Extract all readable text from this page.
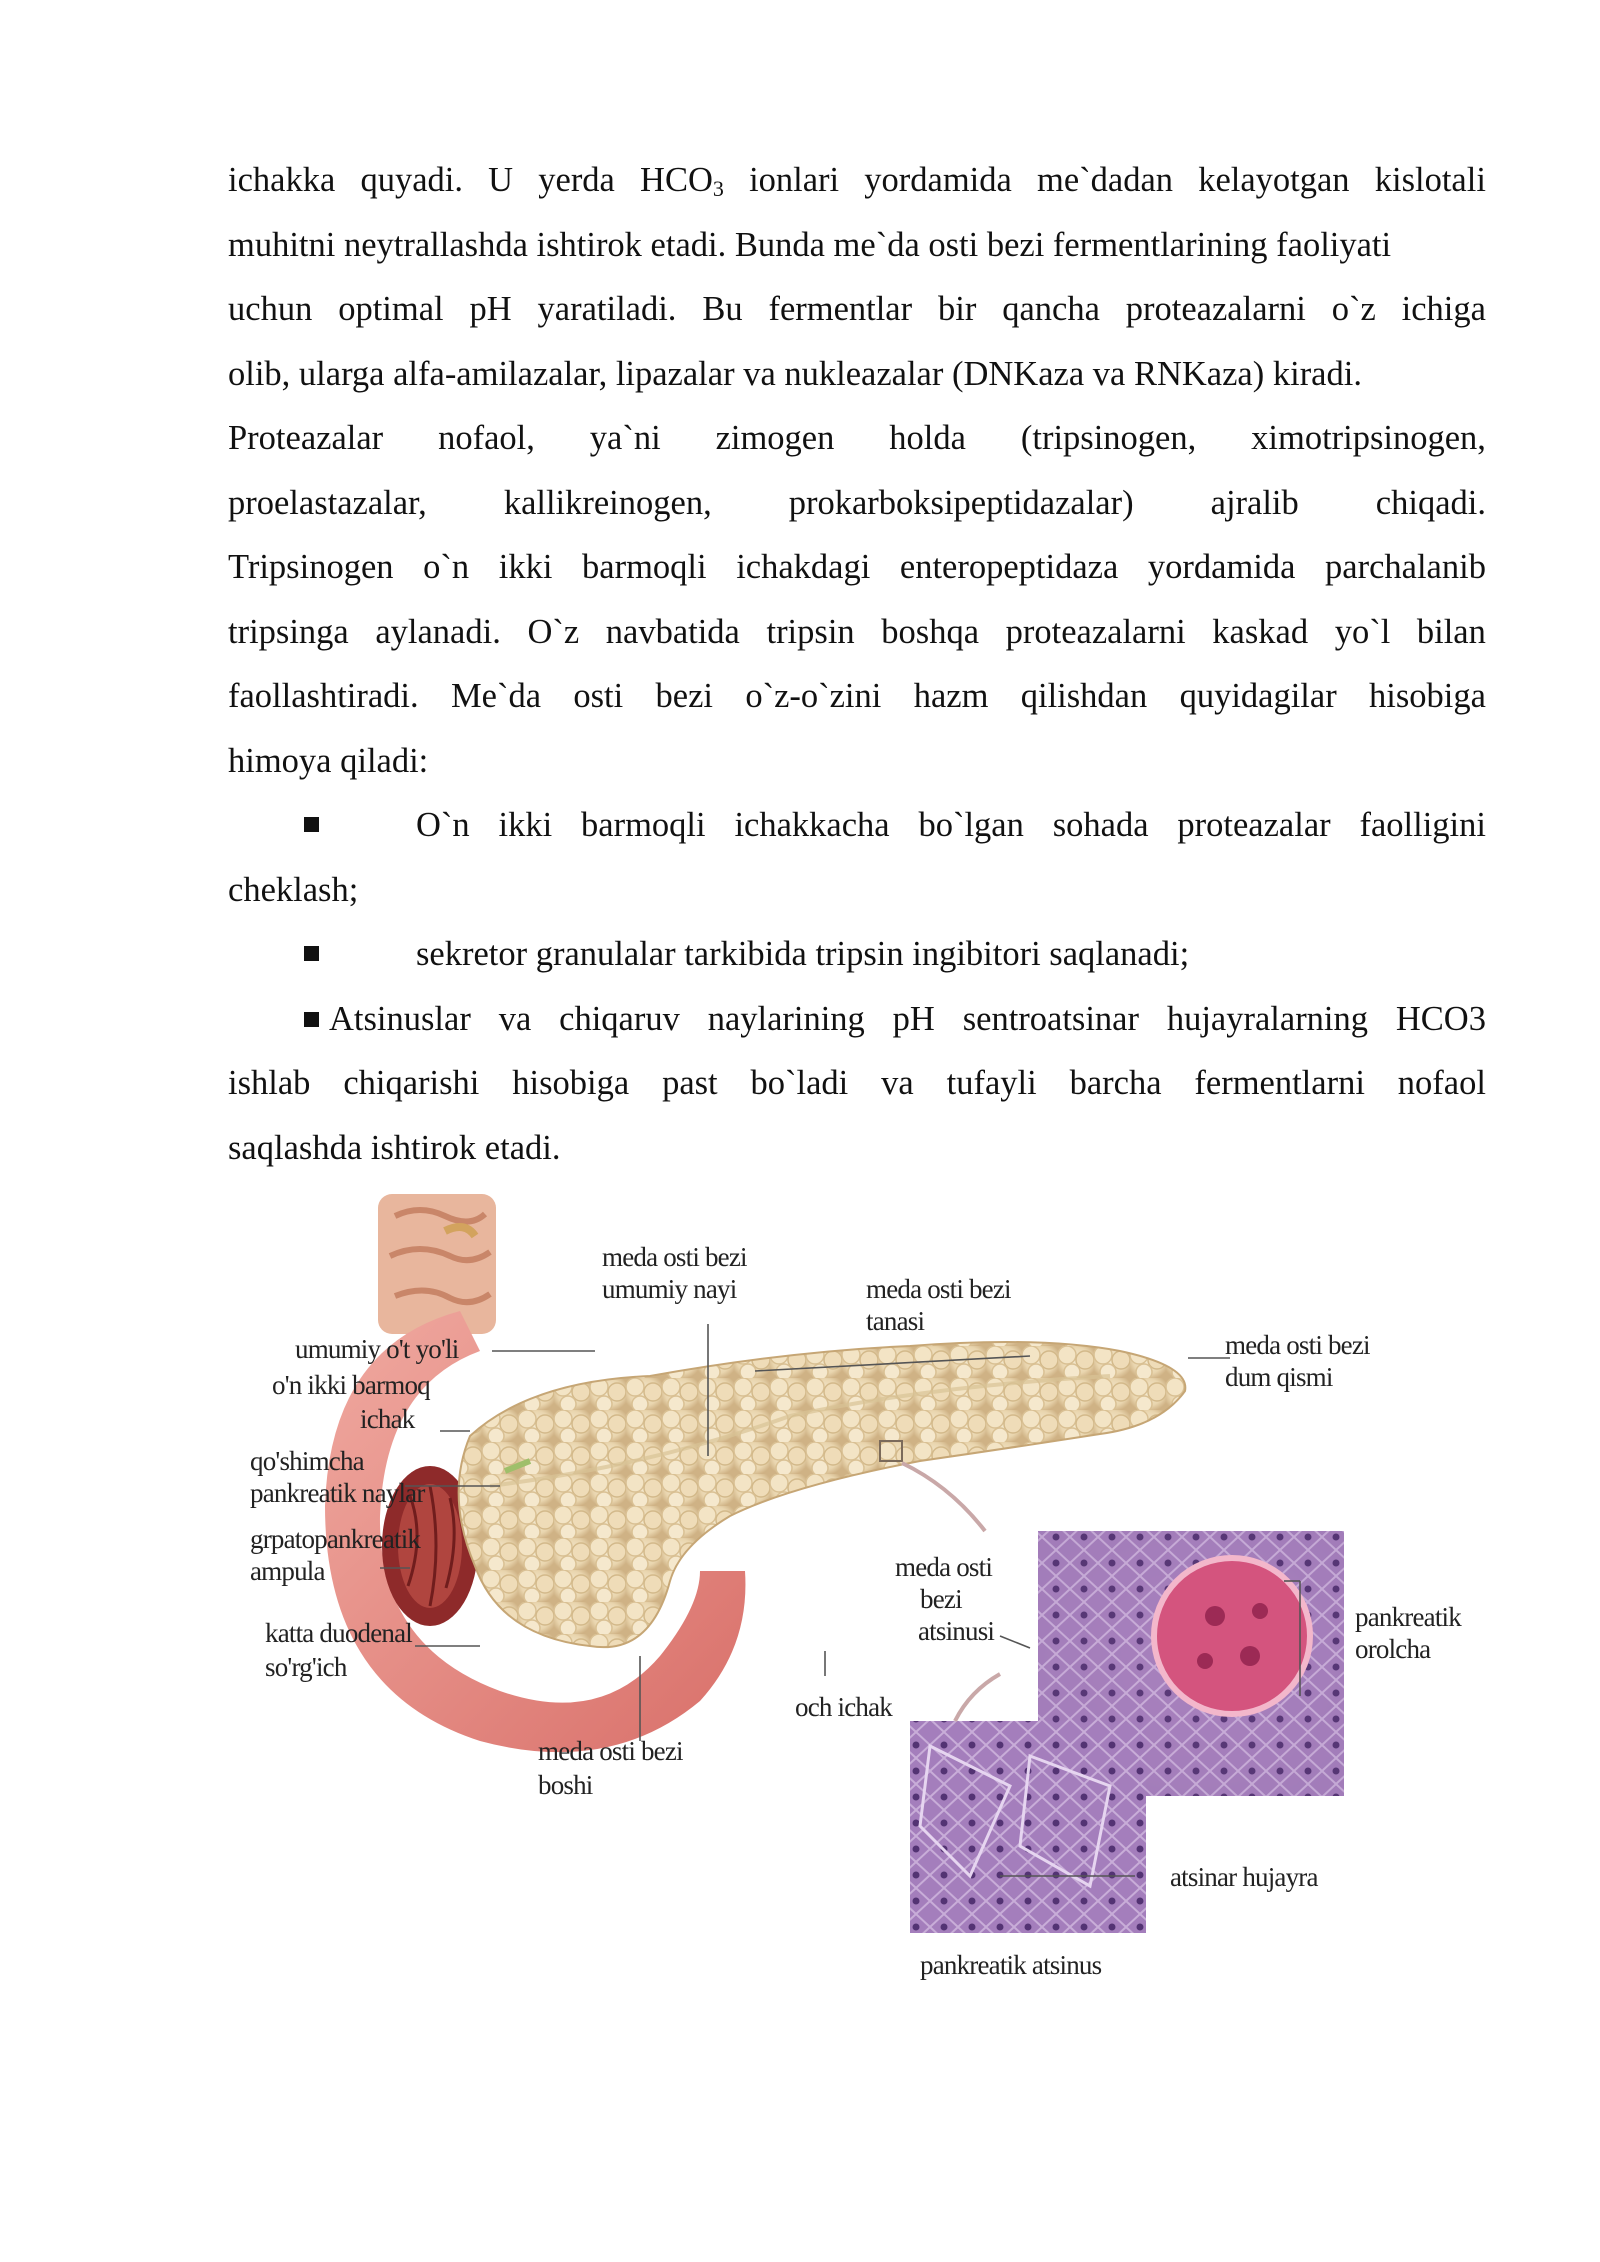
ichakka quyadi. U yerda $HCO_3$ ionlari yordamida me`dadan kelayotgan kislotali
muhitni neytrallashda ishtirok etadi. Bunda me`da osti bezi fermentlarining faoliyati
uchun optimal pH yaratiladi. Bu fermentlar bir qancha proteazalarni o`z ichiga
olib, ularga alfa-amilazalar, lipazalar va nukleazalar (DNKaza va RNKaza) kiradi.
Proteazalar nofaol, ya`ni zimogen holda (tripsinogen, ximotripsinogen,
proelastazalar, kallikreinogen, prokarboksipeptidazalar) ajralib chiqadi.
Tripsinogen o`n ikki barmoqli ichakdagi enteropeptidaza yordamida parchalanib
tripsinga aylanadi. O`z navbatida tripsin boshqa proteazalarni kaskad yo`l bilan
faollashtiradi. Me`da osti bezi o`z-o`zini hazm qilishdan quyidagilar hisobiga
himoya qiladi:
O`n ikki barmoqli ichakkacha bo`lgan sohada proteazalar faolligini
cheklash;
sekretor granulalar tarkibida tripsin ingibitori saqlanadi;
Atsinuslar va chiqaruv naylarining pH sentroatsinar hujayralarning HCO3
ishlab chiqarishi hisobiga past bo`ladi va tufayli barcha fermentlarni nofaol
saqlashda ishtirok etadi.
meda osti bezi
umumiy nayi	meda osti bezi
tanasi
meda osti bezi
dum qismi
umumiy o't yo'li
o'n ikki barmoq
ichak
qo'shimcha
pankreatik naylar
grpatopankreatik
ampula
katta duodenal
so'rg'ich
meda osti
bezi
atsinusi	pankreatik
orolcha
och ichak
meda osti bezi
boshi
atsinar hujayra
pankreatik atsinus
